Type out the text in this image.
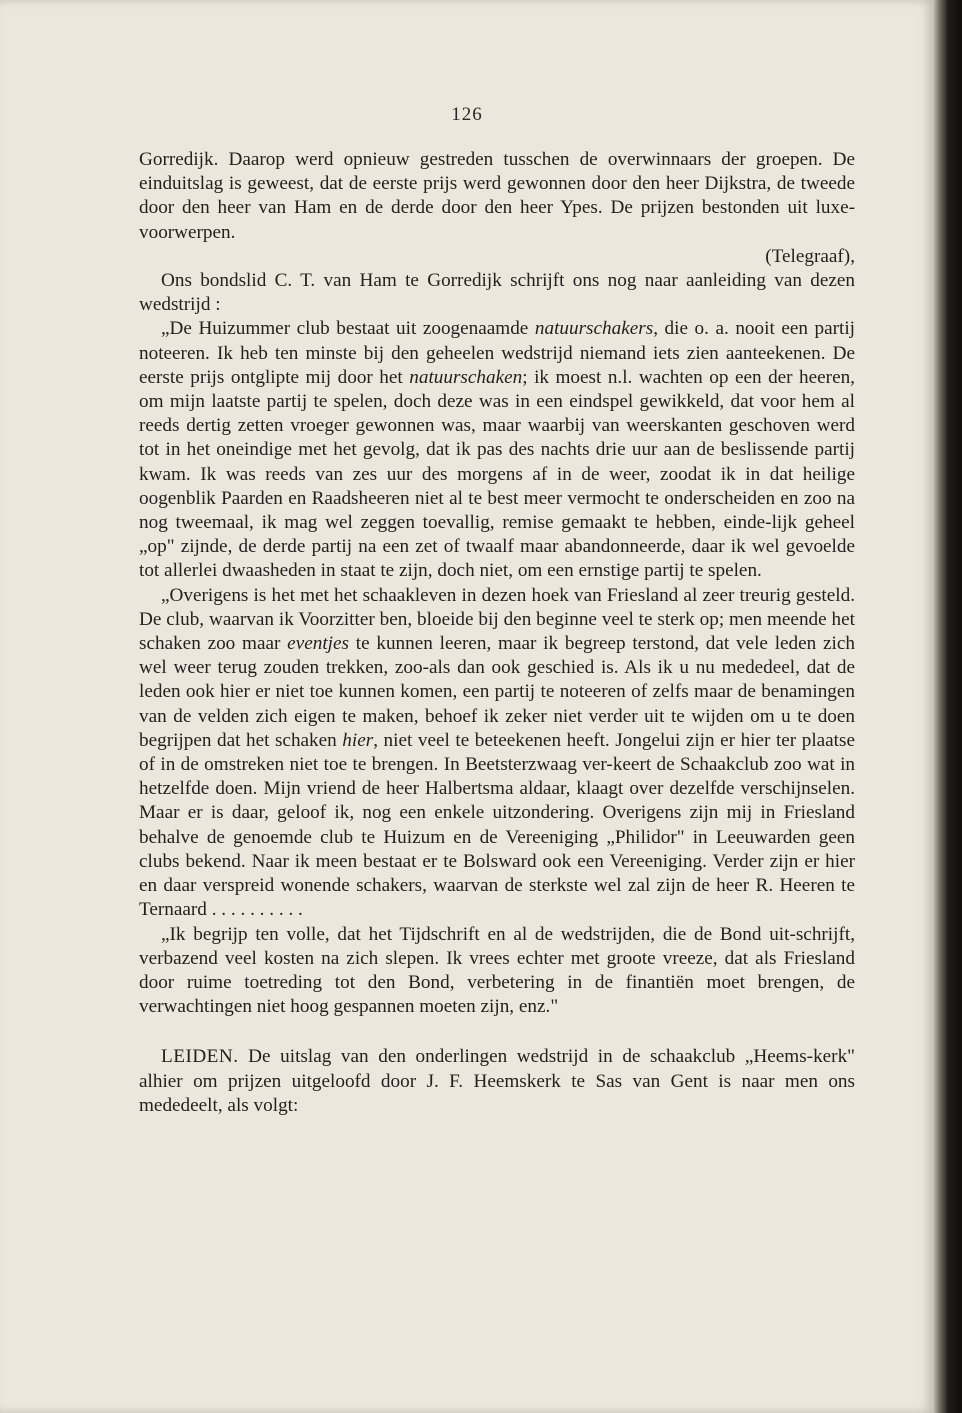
126

Gorredijk. Daarop werd opnieuw gestreden tusschen de overwinnaars der groepen. De einduitslag is geweest, dat de eerste prijs werd gewonnen door den heer Dijkstra, de tweede door den heer van Ham en de derde door den heer Ypes. De prijzen bestonden uit luxe-voorwerpen.

(Telegraaf),

Ons bondslid C. T. van Ham te Gorredijk schrijft ons nog naar aanleiding van dezen wedstrijd :

„De Huizummer club bestaat uit zoogenaamde natuurschakers, die o. a. nooit een partij noteeren. Ik heb ten minste bij den geheelen wedstrijd niemand iets zien aanteekenen. De eerste prijs ontglipte mij door het natuurschaken; ik moest n.l. wachten op een der heeren, om mijn laatste partij te spelen, doch deze was in een eindspel gewikkeld, dat voor hem al reeds dertig zetten vroeger gewonnen was, maar waarbij van weerskanten geschoven werd tot in het oneindige met het gevolg, dat ik pas des nachts drie uur aan de beslissende partij kwam. Ik was reeds van zes uur des morgens af in de weer, zoodat ik in dat heilige oogenblik Paarden en Raadsheeren niet al te best meer vermocht te onderscheiden en zoo na nog tweemaal, ik mag wel zeggen toevallig, remise gemaakt te hebben, einde-lijk geheel „op" zijnde, de derde partij na een zet of twaalf maar abandonneerde, daar ik wel gevoelde tot allerlei dwaasheden in staat te zijn, doch niet, om een ernstige partij te spelen.

„Overigens is het met het schaakleven in dezen hoek van Friesland al zeer treurig gesteld. De club, waarvan ik Voorzitter ben, bloeide bij den beginne veel te sterk op; men meende het schaken zoo maar eventjes te kunnen leeren, maar ik begreep terstond, dat vele leden zich wel weer terug zouden trekken, zoo-als dan ook geschied is. Als ik u nu mededeel, dat de leden ook hier er niet toe kunnen komen, een partij te noteeren of zelfs maar de benamingen van de velden zich eigen te maken, behoef ik zeker niet verder uit te wijden om u te doen begrijpen dat het schaken hier, niet veel te beteekenen heeft. Jongelui zijn er hier ter plaatse of in de omstreken niet toe te brengen. In Beetsterzwaag ver-keert de Schaakclub zoo wat in hetzelfde doen. Mijn vriend de heer Halbertsma aldaar, klaagt over dezelfde verschijnselen. Maar er is daar, geloof ik, nog een enkele uitzondering. Overigens zijn mij in Friesland behalve de genoemde club te Huizum en de Vereeniging „Philidor" in Leeuwarden geen clubs bekend. Naar ik meen bestaat er te Bolsward ook een Vereeniging. Verder zijn er hier en daar verspreid wonende schakers, waarvan de sterkste wel zal zijn de heer R. Heeren te Ternaard . . . . . . . . . .

„Ik begrijp ten volle, dat het Tijdschrift en al de wedstrijden, die de Bond uit-schrijft, verbazend veel kosten na zich slepen. Ik vrees echter met groote vreeze, dat als Friesland door ruime toetreding tot den Bond, verbetering in de finantiën moet brengen, de verwachtingen niet hoog gespannen moeten zijn, enz."

LEIDEN. De uitslag van den onderlingen wedstrijd in de schaakclub „Heems-kerk" alhier om prijzen uitgeloofd door J. F. Heemskerk te Sas van Gent is naar men ons mededeelt, als volgt:
